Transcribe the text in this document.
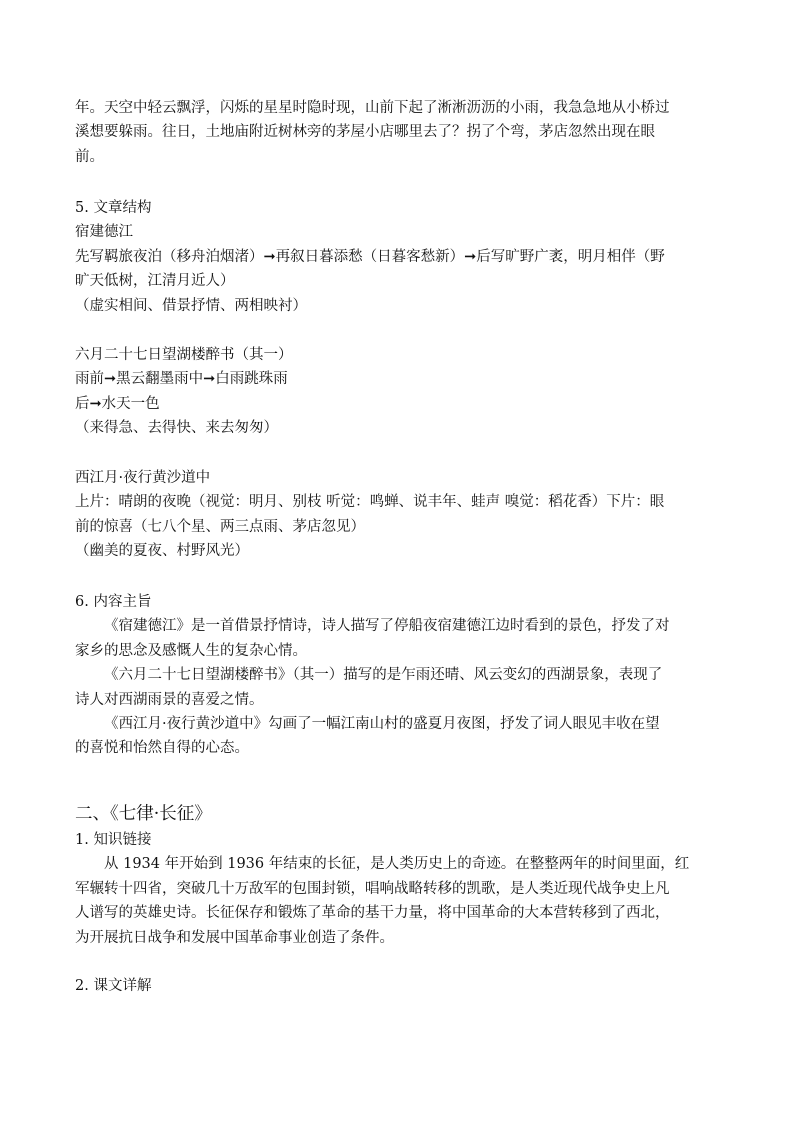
年。天空中轻云飘浮，闪烁的星星时隐时现，山前下起了淅淅沥沥的小雨，我急急地从小桥过
溪想要躲雨。往日，土地庙附近树林旁的茅屋小店哪里去了？拐了个弯，茅店忽然出现在眼
前。
5. 文章结构
宿建德江
先写羁旅夜泊（移舟泊烟渚）➞再叙日暮添愁（日暮客愁新）➞后写旷野广袤，明月相伴（野
旷天低树，江清月近人）
（虚实相间、借景抒情、两相映衬）
六月二十七日望湖楼醉书（其一）
雨前➞黑云翻墨雨中➞白雨跳珠雨
后➞水天一色
（来得急、去得快、来去匆匆）
西江月·夜行黄沙道中
上片：晴朗的夜晚（视觉：明月、别枝 听觉：鸣蝉、说丰年、蛙声 嗅觉：稻花香）下片：眼
前的惊喜（七八个星、两三点雨、茅店忽见）
（幽美的夏夜、村野风光）
6. 内容主旨
《宿建德江》是一首借景抒情诗，诗人描写了停船夜宿建德江边时看到的景色，抒发了对
家乡的思念及感慨人生的复杂心情。
《六月二十七日望湖楼醉书》（其一）描写的是乍雨还晴、风云变幻的西湖景象，表现了
诗人对西湖雨景的喜爱之情。
《西江月·夜行黄沙道中》勾画了一幅江南山村的盛夏月夜图，抒发了词人眼见丰收在望
的喜悦和怡然自得的心态。
二、《七律·长征》
1. 知识链接
从 1934 年开始到 1936 年结束的长征，是人类历史上的奇迹。在整整两年的时间里面，红
军辗转十四省，突破几十万敌军的包围封锁，唱响战略转移的凯歌，是人类近现代战争史上凡
人谱写的英雄史诗。长征保存和锻炼了革命的基干力量，将中国革命的大本营转移到了西北，
为开展抗日战争和发展中国革命事业创造了条件。
2. 课文详解
